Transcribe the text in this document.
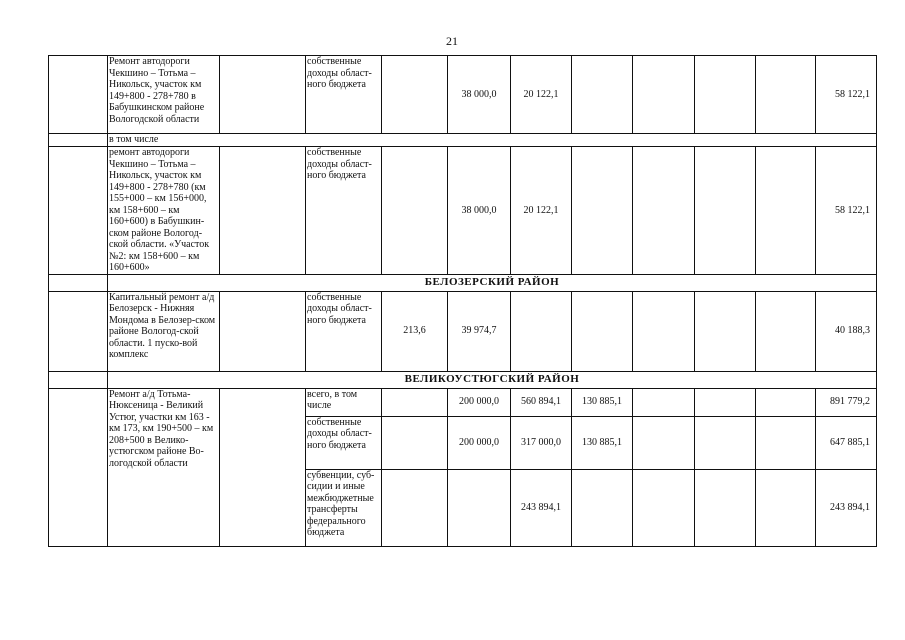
21

	Ремонт автодороги Чекшино – Тотьма – Никольск, участок км 149+800 - 278+780 в Бабушкинском районе Вологодской области		собственные доходы област-ного бюджета		38 000,0	20 122,1					58 122,1

	в том числе										

	ремонт автодороги Чекшино – Тотьма – Никольск, участок км 149+800 - 278+780 (км 155+000 – км 156+000, км 158+600 – км 160+600) в Бабушкин-ском районе Вологод-ской области. «Участок №2: км 158+600 – км 160+600»		собственные доходы област-ного бюджета		38 000,0	20 122,1					58 122,1
	БЕЛОЗЕРСКИЙ РАЙОН										

	Капитальный ремонт а/д Белозерск - Нижняя Мондома в Белозер-ском районе Вологод-ской области. 1 пуско-вой комплекс		собственные доходы област-ного бюджета	213,6	39 974,7						40 188,3
	ВЕЛИКОУСТЮГСКИЙ РАЙОН										

	Ремонт а/д Тотьма-Нюксеница - Великий Устюг, участки км 163 - км 173, км 190+500 – км 208+500 в Велико-устюгском районе Во-логодской области		всего, в том числе		200 000,0	560 894,1	130 885,1				891 779,2

			собственные доходы област-ного бюджета		200 000,0	317 000,0	130 885,1				647 885,1

			субвенции, суб-сидии и иные межбюджетные трансферты федерального бюджета			243 894,1					243 894,1
